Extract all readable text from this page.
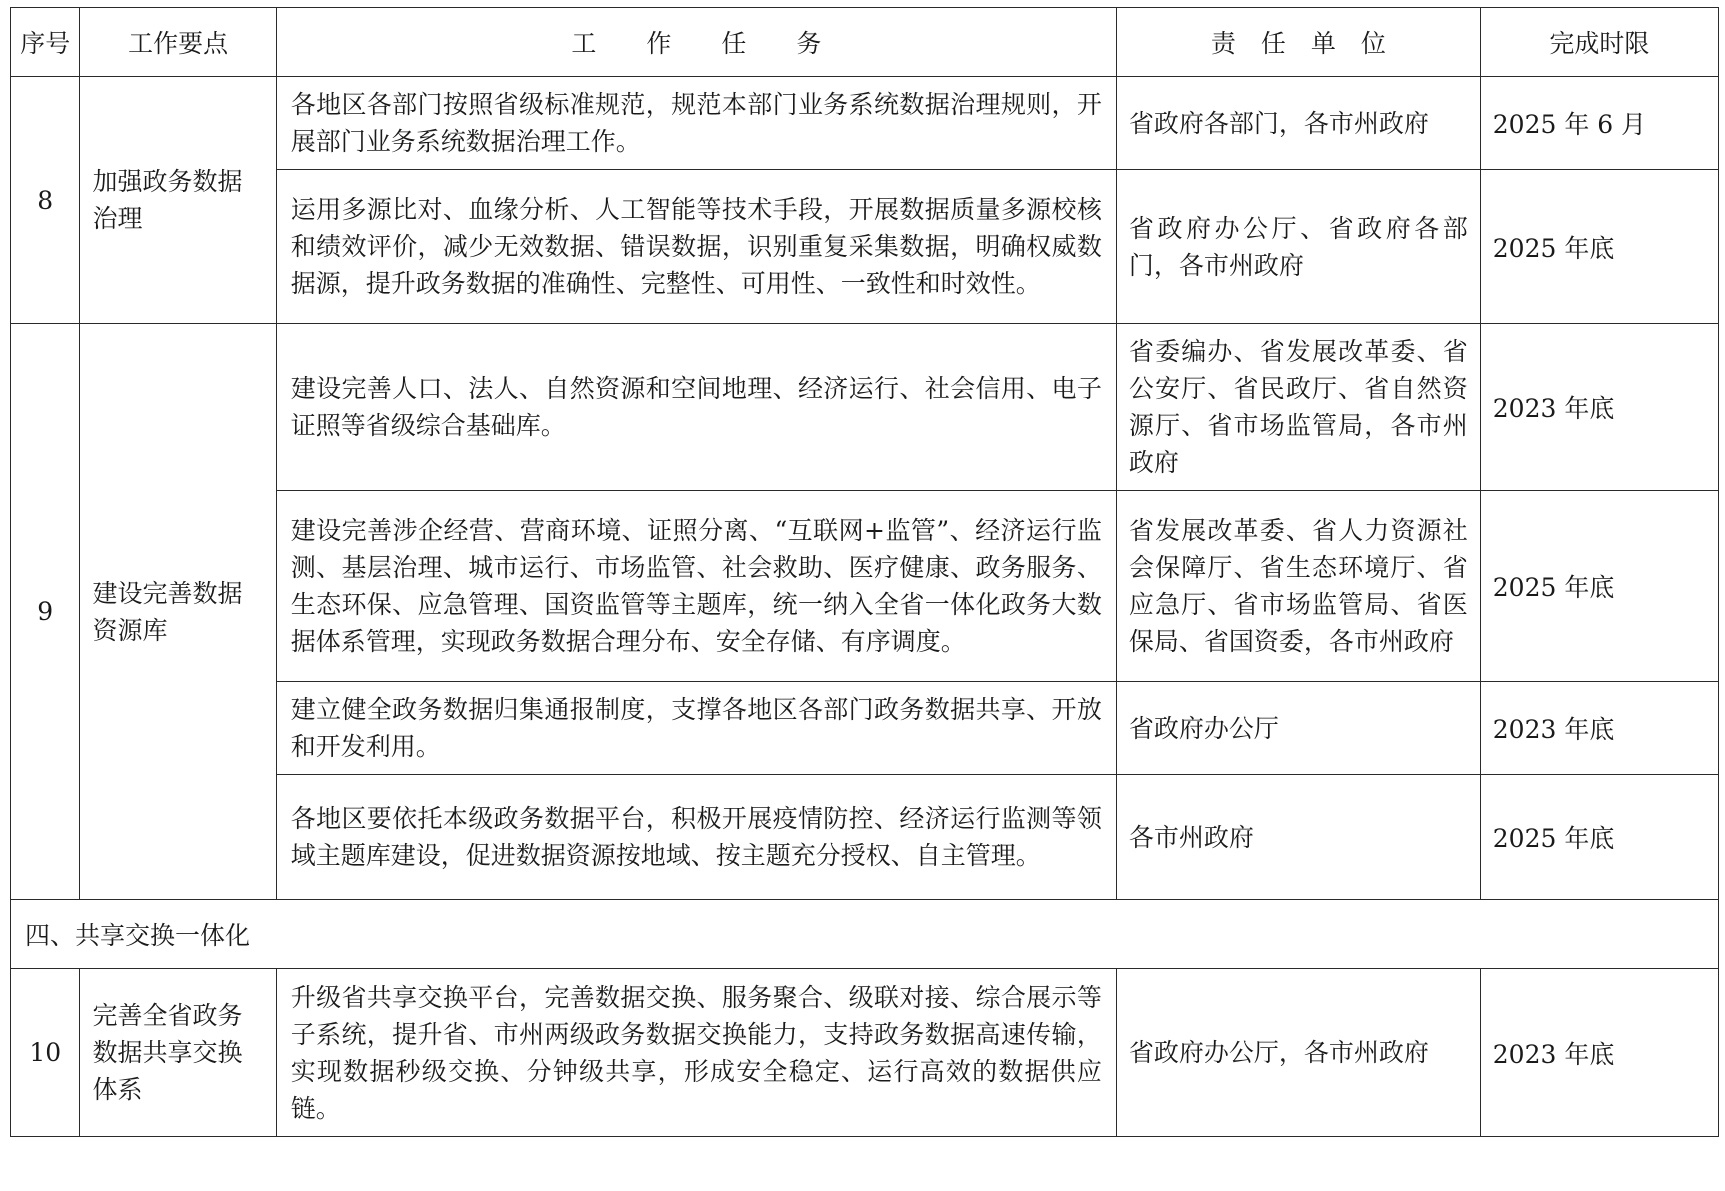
序号	工作要点	工　　作　　任　　务	责　任　单　位	完成时限
8	加强政务数据治理	各地区各部门按照省级标准规范，规范本部门业务系统数据治理规则，开展部门业务系统数据治理工作。	省政府各部门，各市州政府	2025 年 6 月
		运用多源比对、血缘分析、人工智能等技术手段，开展数据质量多源校核和绩效评价，减少无效数据、错误数据，识别重复采集数据，明确权威数据源，提升政务数据的准确性、完整性、可用性、一致性和时效性。	省政府办公厅、省政府各部门，各市州政府	2025 年底
9	建设完善数据资源库	建设完善人口、法人、自然资源和空间地理、经济运行、社会信用、电子证照等省级综合基础库。	省委编办、省发展改革委、省公安厅、省民政厅、省自然资源厅、省市场监管局，各市州政府	2023 年底
		建设完善涉企经营、营商环境、证照分离、“互联网+监管”、经济运行监测、基层治理、城市运行、市场监管、社会救助、医疗健康、政务服务、生态环保、应急管理、国资监管等主题库，统一纳入全省一体化政务大数据体系管理，实现政务数据合理分布、安全存储、有序调度。	省发展改革委、省人力资源社会保障厅、省生态环境厅、省应急厅、省市场监管局、省医保局、省国资委，各市州政府	2025 年底
		建立健全政务数据归集通报制度，支撑各地区各部门政务数据共享、开放和开发利用。	省政府办公厅	2023 年底
		各地区要依托本级政务数据平台，积极开展疫情防控、经济运行监测等领域主题库建设，促进数据资源按地域、按主题充分授权、自主管理。	各市州政府	2025 年底
四、共享交换一体化				
10	完善全省政务数据共享交换体系	升级省共享交换平台，完善数据交换、服务聚合、级联对接、综合展示等子系统，提升省、市州两级政务数据交换能力，支持政务数据高速传输，实现数据秒级交换、分钟级共享，形成安全稳定、运行高效的数据供应链。	省政府办公厅，各市州政府	2023 年底
